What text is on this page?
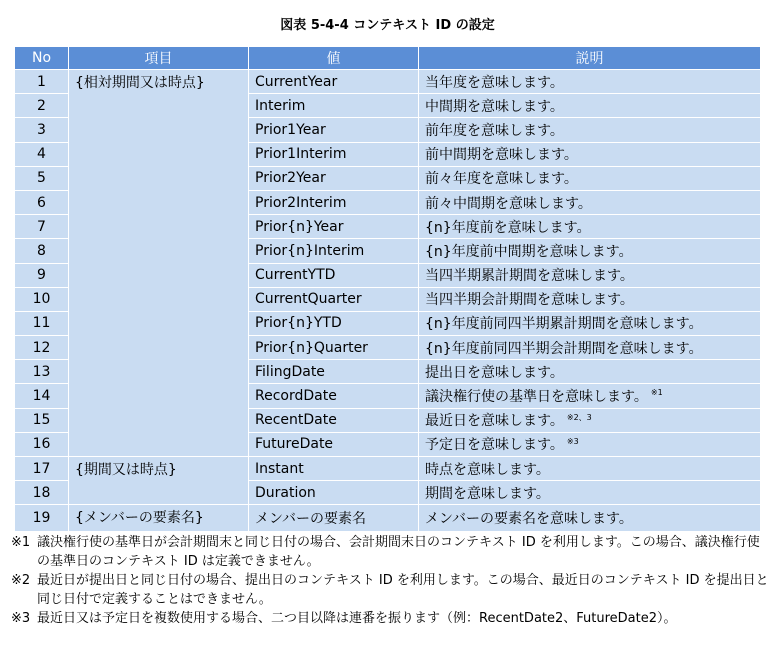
図表 5-4-4 コンテキスト ID の設定
No	項目	値	説明
1	{相対期間又は時点}	CurrentYear	当年度を意味します。
2		Interim	中間期を意味します。
3		Prior1Year	前年度を意味します。
4		Prior1Interim	前中間期を意味します。
5		Prior2Year	前々年度を意味します。
6		Prior2Interim	前々中間期を意味します。
7		Prior{n}Year	{n}年度前を意味します。
8		Prior{n}Interim	{n}年度前中間期を意味します。
9		CurrentYTD	当四半期累計期間を意味します。
10		CurrentQuarter	当四半期会計期間を意味します。
11		Prior{n}YTD	{n}年度前同四半期累計期間を意味します。
12		Prior{n}Quarter	{n}年度前同四半期会計期間を意味します。
13		FilingDate	提出日を意味します。
14		RecordDate	議決権行使の基準日を意味します。 $^{※1}$
15		RecentDate	最近日を意味します。 $^{※2、3}$
16		FutureDate	予定日を意味します。 $^{※3}$
17	{期間又は時点}	Instant	時点を意味します。
18		Duration	期間を意味します。
19	{メンバーの要素名}	メンバーの要素名	メンバーの要素名を意味します。
※1 議決権行使の基準日が会計期間末と同じ日付の場合、会計期間末日のコンテキスト ID を利用します。この場合、議決権行使の基準日のコンテキスト ID は定義できません。
※2 最近日が提出日と同じ日付の場合、提出日のコンテキスト ID を利用します。この場合、最近日のコンテキスト ID を提出日と同じ日付で定義することはできません。
※3 最近日又は予定日を複数使用する場合、二つ目以降は連番を振ります（例：RecentDate2、FutureDate2）。
